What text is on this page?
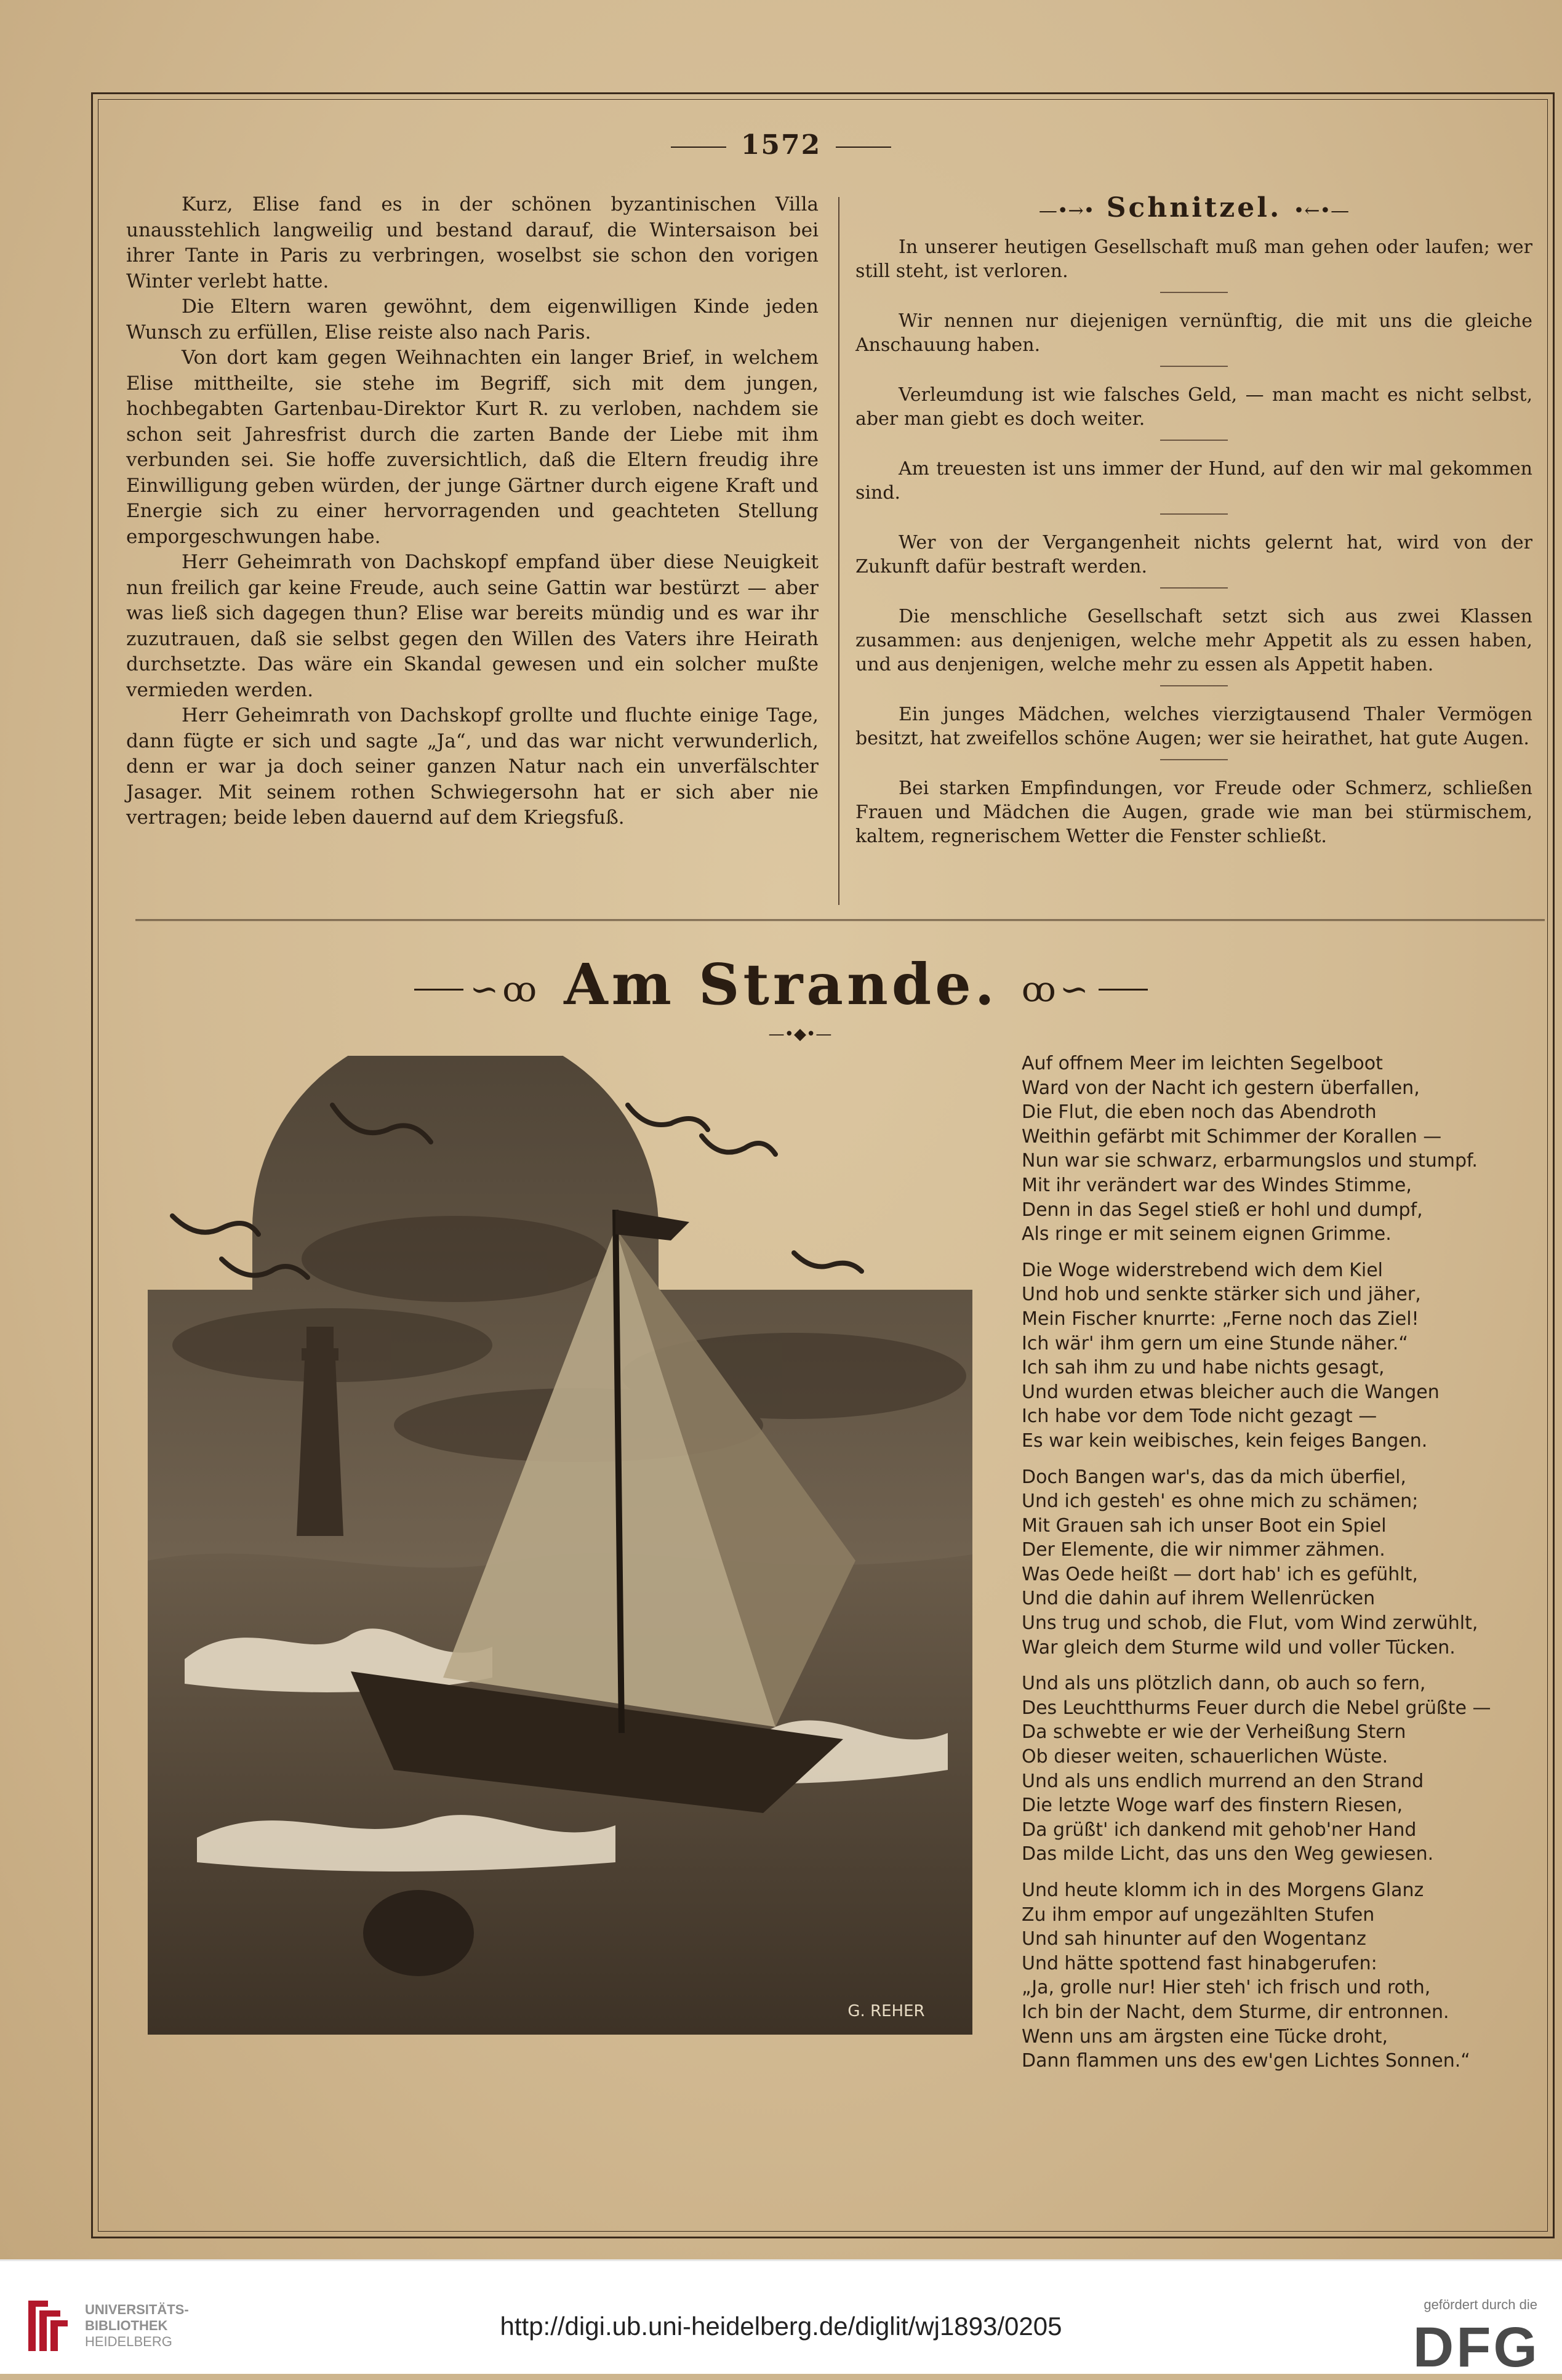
1572

Kurz, Elise fand es in der schönen byzantinischen Villa unausstehlich langweilig und bestand darauf, die Wintersaison bei ihrer Tante in Paris zu verbringen, woselbst sie schon den vorigen Winter verlebt hatte.

Die Eltern waren gewöhnt, dem eigenwilligen Kinde jeden Wunsch zu erfüllen, Elise reiste also nach Paris.

Von dort kam gegen Weihnachten ein langer Brief, in welchem Elise mittheilte, sie stehe im Begriff, sich mit dem jungen, hochbegabten Gartenbau-Direktor Kurt R. zu verloben, nachdem sie schon seit Jahresfrist durch die zarten Bande der Liebe mit ihm verbunden sei. Sie hoffe zuversichtlich, daß die Eltern freudig ihre Einwilligung geben würden, der junge Gärtner durch eigene Kraft und Energie sich zu einer hervorragenden und geachteten Stellung emporgeschwungen habe.

Herr Geheimrath von Dachskopf empfand über diese Neuigkeit nun freilich gar keine Freude, auch seine Gattin war bestürzt — aber was ließ sich dagegen thun? Elise war bereits mündig und es war ihr zuzutrauen, daß sie selbst gegen den Willen des Vaters ihre Heirath durchsetzte. Das wäre ein Skandal gewesen und ein solcher mußte vermieden werden.

Herr Geheimrath von Dachskopf grollte und fluchte einige Tage, dann fügte er sich und sagte „Ja“, und das war nicht verwunderlich, denn er war ja doch seiner ganzen Natur nach ein unverfälschter Jasager. Mit seinem rothen Schwiegersohn hat er sich aber nie vertragen; beide leben dauernd auf dem Kriegsfuß.

—•→• Schnitzel. •←•—

In unserer heutigen Gesellschaft muß man gehen oder laufen; wer still steht, ist verloren.

Wir nennen nur diejenigen vernünftig, die mit uns die gleiche Anschauung haben.

Verleumdung ist wie falsches Geld, — man macht es nicht selbst, aber man giebt es doch weiter.

Am treuesten ist uns immer der Hund, auf den wir mal gekommen sind.

Wer von der Vergangenheit nichts gelernt hat, wird von der Zukunft dafür bestraft werden.

Die menschliche Gesellschaft setzt sich aus zwei Klassen zusammen: aus denjenigen, welche mehr Appetit als zu essen haben, und aus denjenigen, welche mehr zu essen als Appetit haben.

Ein junges Mädchen, welches vierzigtausend Thaler Vermögen besitzt, hat zweifellos schöne Augen; wer sie heirathet, hat gute Augen.

Bei starken Empfindungen, vor Freude oder Schmerz, schließen Frauen und Mädchen die Augen, grade wie man bei stürmischem, kaltem, regnerischem Wetter die Fenster schließt.

∽ꝏ Am Strande. ꝏ∽
—•◆•—
G. REHER
Auf offnem Meer im leichten Segelboot
Ward von der Nacht ich gestern überfallen,
Die Flut, die eben noch das Abendroth
Weithin gefärbt mit Schimmer der Korallen —
Nun war sie schwarz, erbarmungslos und stumpf.
Mit ihr verändert war des Windes Stimme,
Denn in das Segel stieß er hohl und dumpf,
Als ringe er mit seinem eignen Grimme.
Die Woge widerstrebend wich dem Kiel
Und hob und senkte stärker sich und jäher,
Mein Fischer knurrte: „Ferne noch das Ziel!
Ich wär' ihm gern um eine Stunde näher.“
Ich sah ihm zu und habe nichts gesagt,
Und wurden etwas bleicher auch die Wangen
Ich habe vor dem Tode nicht gezagt —
Es war kein weibisches, kein feiges Bangen.
Doch Bangen war's, das da mich überfiel,
Und ich gesteh' es ohne mich zu schämen;
Mit Grauen sah ich unser Boot ein Spiel
Der Elemente, die wir nimmer zähmen.
Was Oede heißt — dort hab' ich es gefühlt,
Und die dahin auf ihrem Wellenrücken
Uns trug und schob, die Flut, vom Wind zerwühlt,
War gleich dem Sturme wild und voller Tücken.
Und als uns plötzlich dann, ob auch so fern,
Des Leuchtthurms Feuer durch die Nebel grüßte —
Da schwebte er wie der Verheißung Stern
Ob dieser weiten, schauerlichen Wüste.
Und als uns endlich murrend an den Strand
Die letzte Woge warf des finstern Riesen,
Da grüßt' ich dankend mit gehob'ner Hand
Das milde Licht, das uns den Weg gewiesen.
Und heute klomm ich in des Morgens Glanz
Zu ihm empor auf ungezählten Stufen
Und sah hinunter auf den Wogentanz
Und hätte spottend fast hinabgerufen:
„Ja, grolle nur! Hier steh' ich frisch und roth,
Ich bin der Nacht, dem Sturme, dir entronnen.
Wenn uns am ärgsten eine Tücke droht,
Dann flammen uns des ew'gen Lichtes Sonnen.“
UNIVERSITÄTS-
BIBLIOTHEK
HEIDELBERG
http://digi.ub.uni-heidelberg.de/diglit/wj1893/0205
gefördert durch die
DFG
